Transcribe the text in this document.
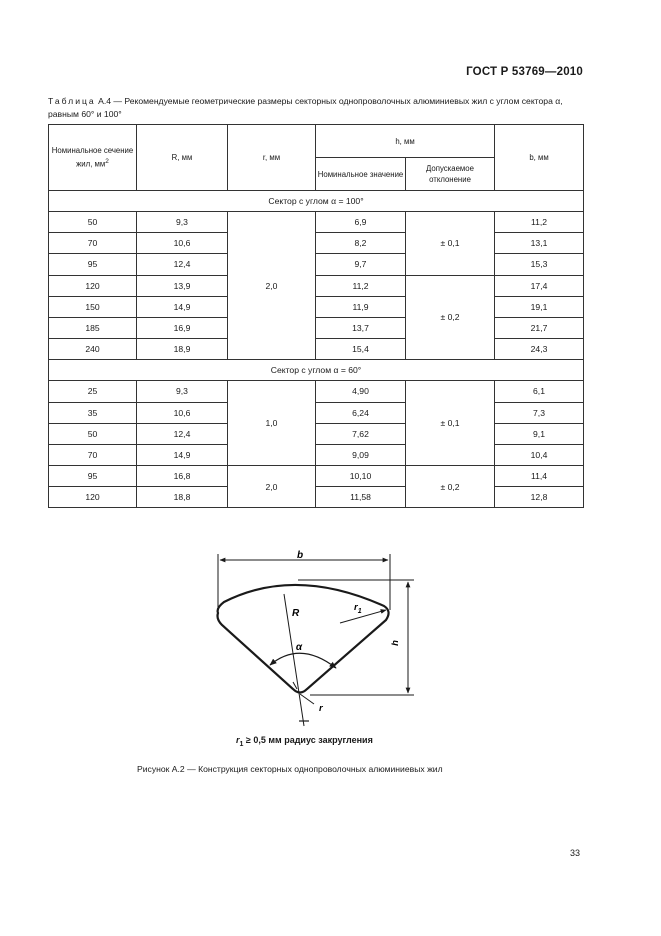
ГОСТ Р 53769—2010
Таблица А.4 — Рекомендуемые геометрические размеры секторных однопроволочных алюминиевых жил с углом сектора α, равным 60° и 100°
Номинальное сечение жил, $мм^2$	R, мм	r, мм	h, мм		b, мм
			Номинальное значение	Допускаемое отклонение	
Сектор с углом α = 100°					
50	9,3	2,0	6,9	± 0,1	11,2
70	10,6		8,2		13,1
95	12,4		9,7		15,3
120	13,9		11,2	± 0,2	17,4
150	14,9		11,9		19,1
185	16,9		13,7		21,7
240	18,9		15,4		24,3
Сектор с углом α = 60°					
25	9,3	1,0	4,90	± 0,1	6,1
35	10,6		6,24		7,3
50	12,4		7,62		9,1
70	14,9		9,09		10,4
95	16,8	2,0	10,10	± 0,2	11,4
120	18,8		11,58		12,8
b
R
$r_1$
h
α
r
$r_1 \ge 0,5$ мм радиус закругления
Рисунок А.2 — Конструкция секторных однопроволочных алюминиевых жил
33
